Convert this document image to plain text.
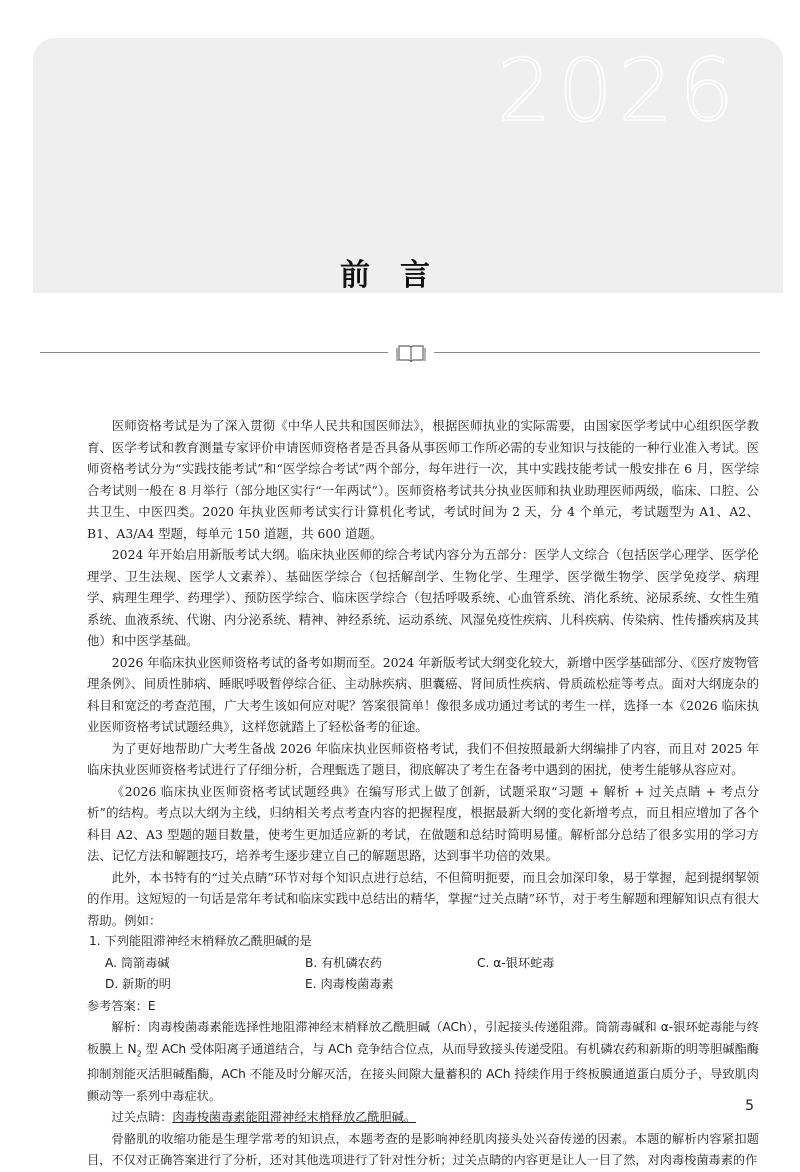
2026
前言

医师资格考试是为了深入贯彻《中华人民共和国医师法》，根据医师执业的实际需要，由国家医学考试中心组织医学教育、医学考试和教育测量专家评价申请医师资格者是否具备从事医师工作所必需的专业知识与技能的一种行业准入考试。医师资格考试分为“实践技能考试”和“医学综合考试”两个部分，每年进行一次，其中实践技能考试一般安排在 6 月，医学综合考试则一般在 8 月举行（部分地区实行“一年两试”）。医师资格考试共分执业医师和执业助理医师两级，临床、口腔、公共卫生、中医四类。2020 年执业医师考试实行计算机化考试，考试时间为 2 天，分 4 个单元，考试题型为 A1、A2、B1、A3/A4 型题，每单元 150 道题，共 600 道题。

2024 年开始启用新版考试大纲。临床执业医师的综合考试内容分为五部分：医学人文综合（包括医学心理学、医学伦理学、卫生法规、医学人文素养）、基础医学综合（包括解剖学、生物化学、生理学、医学微生物学、医学免疫学、病理学、病理生理学、药理学）、预防医学综合、临床医学综合（包括呼吸系统、心血管系统、消化系统、泌尿系统、女性生殖系统、血液系统、代谢、内分泌系统、精神、神经系统、运动系统、风湿免疫性疾病、儿科疾病、传染病、性传播疾病及其他）和中医学基础。

2026 年临床执业医师资格考试的备考如期而至。2024 年新版考试大纲变化较大，新增中医学基础部分、《医疗废物管理条例》、间质性肺病、睡眠呼吸暂停综合征、主动脉疾病、胆囊癌、肾间质性疾病、骨质疏松症等考点。面对大纲庞杂的科目和宽泛的考查范围，广大考生该如何应对呢？答案很简单！像很多成功通过考试的考生一样，选择一本《2026 临床执业医师资格考试试题经典》，这样您就踏上了轻松备考的征途。

为了更好地帮助广大考生备战 2026 年临床执业医师资格考试，我们不但按照最新大纲编排了内容，而且对 2025 年临床执业医师资格考试进行了仔细分析，合理甄选了题目，彻底解决了考生在备考中遇到的困扰，使考生能够从容应对。

《2026 临床执业医师资格考试试题经典》在编写形式上做了创新，试题采取“习题 + 解析 + 过关点睛 + 考点分析”的结构。考点以大纲为主线，归纳相关考点考查内容的把握程度，根据最新大纲的变化新增考点，而且相应增加了各个科目 A2、A3 型题的题目数量，使考生更加适应新的考试，在做题和总结时简明易懂。解析部分总结了很多实用的学习方法、记忆方法和解题技巧，培养考生逐步建立自己的解题思路，达到事半功倍的效果。

此外，本书特有的“过关点睛”环节对每个知识点进行总结，不但简明扼要，而且会加深印象，易于掌握，起到提纲挈领的作用。这短短的一句话是常年考试和临床实践中总结出的精华，掌握“过关点睛”环节，对于考生解题和理解知识点有很大帮助。例如：

1. 下列能阻滞神经末梢释放乙酰胆碱的是
A. 筒箭毒碱	B. 有机磷农药	C. α-银环蛇毒
D. 新斯的明	E. 肉毒梭菌毒素
参考答案：E

解析：肉毒梭菌毒素能选择性地阻滞神经末梢释放乙酰胆碱（ACh），引起接头传递阻滞。筒箭毒碱和 α-银环蛇毒能与终板膜上 $N_2$ 型 ACh 受体阳离子通道结合，与 ACh 竞争结合位点，从而导致接头传递受阻。有机磷农药和新斯的明等胆碱酯酶抑制剂能灭活胆碱酯酶，ACh 不能及时分解灭活，在接头间隙大量蓄积的 ACh 持续作用于终板膜通道蛋白质分子，导致肌肉颤动等一系列中毒症状。

过关点睛：肉毒梭菌毒素能阻滞神经末梢释放乙酰胆碱。

骨骼肌的收缩功能是生理学常考的知识点，本题考查的是影响神经肌肉接头处兴奋传递的因素。本题的解析内容紧扣题目，不仅对正确答案进行了分析，还对其他选项进行了针对性分析；过关点睛的内容更是让人一目了然，对肉毒梭菌毒素的作

5
